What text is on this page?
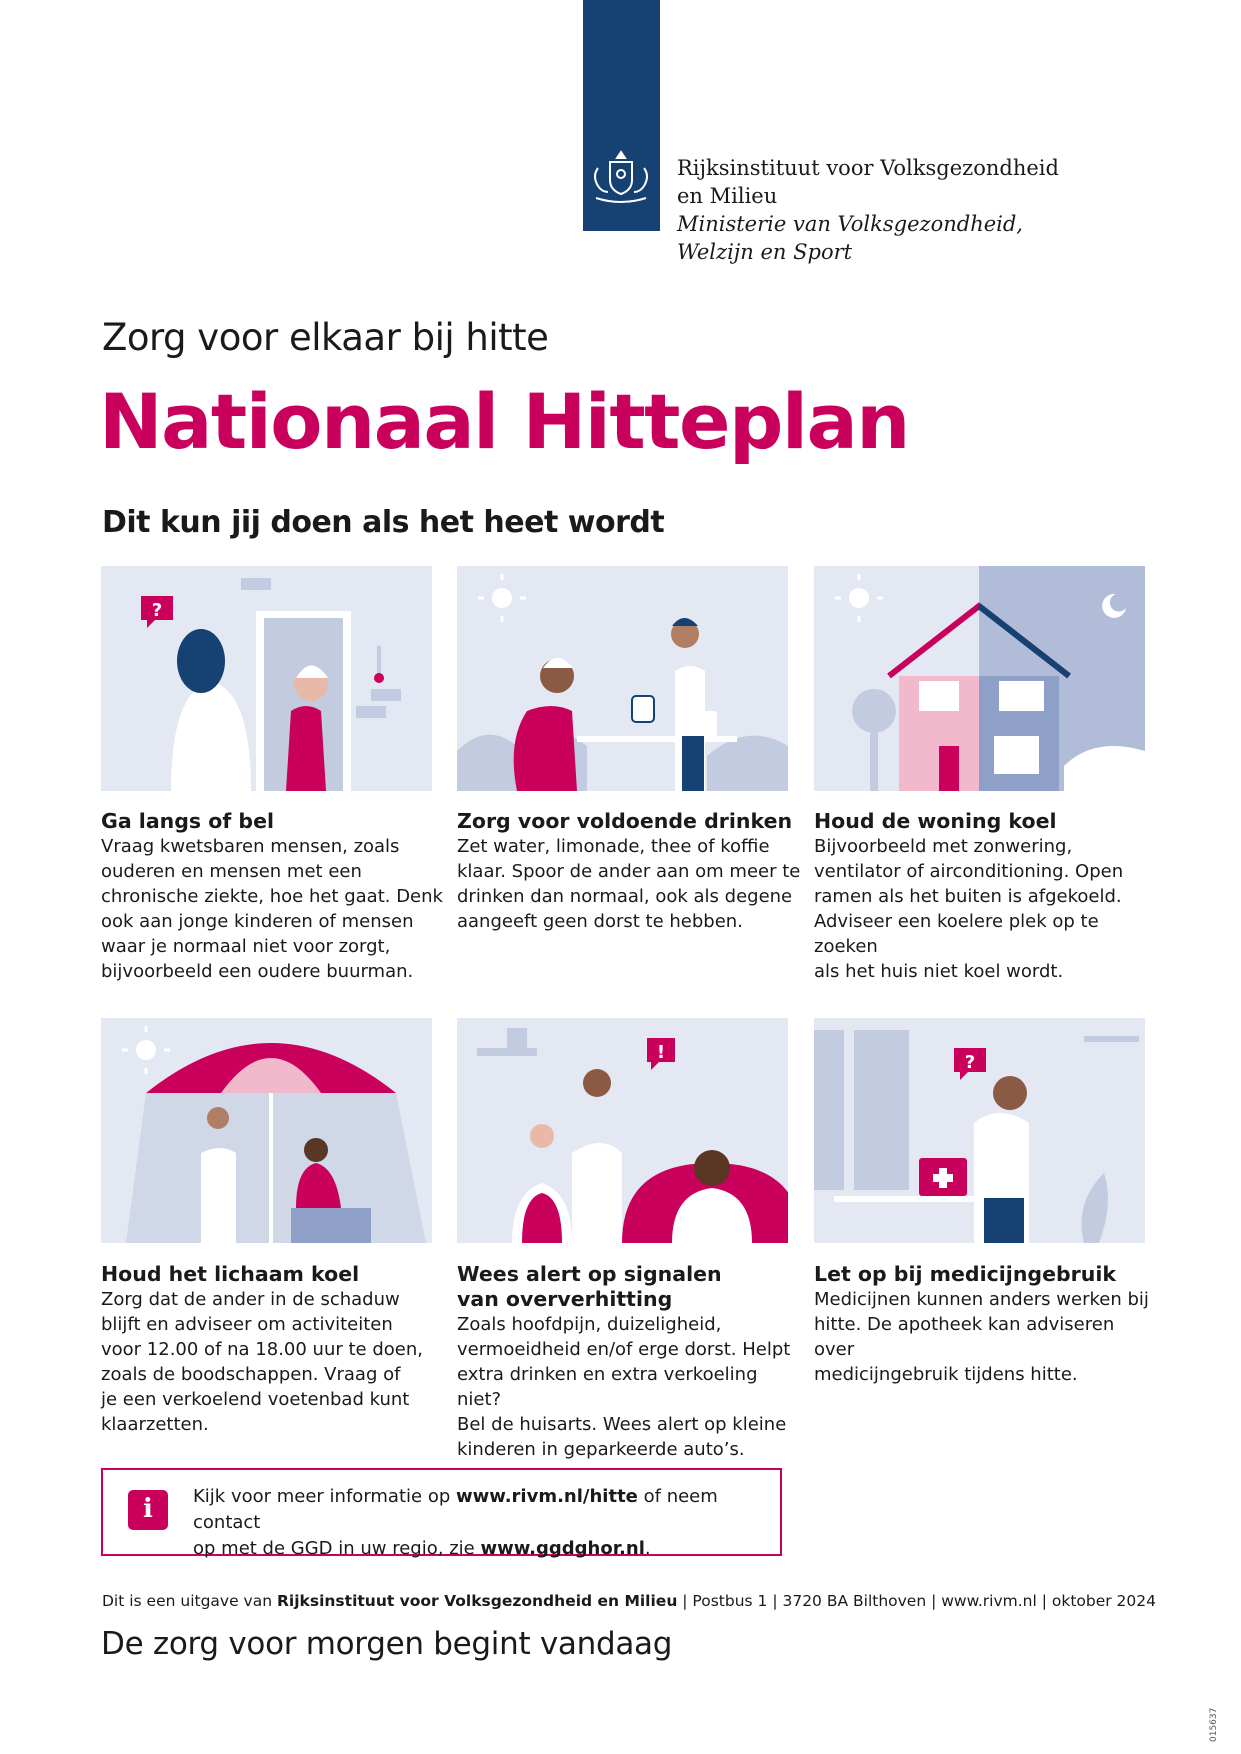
Rijksinstituut voor Volksgezondheid
en Milieu
Ministerie van Volksgezondheid,
Welzijn en Sport
Zorg voor elkaar bij hitte
Nationaal Hitteplan
Dit kun jij doen als het heet wordt
?
Ga langs of bel
Vraag kwetsbaren mensen, zoals
ouderen en mensen met een
chronische ziekte, hoe het gaat. Denk
ook aan jonge kinderen of mensen
waar je normaal niet voor zorgt,
bijvoorbeeld een oudere buurman.
Zorg voor voldoende drinken
Zet water, limonade, thee of koffie
klaar. Spoor de ander aan om meer te
drinken dan normaal, ook als degene
aangeeft geen dorst te hebben.
Houd de woning koel
Bijvoorbeeld met zonwering,
ventilator of airconditioning. Open
ramen als het buiten is afgekoeld.
Adviseer een koelere plek op te zoeken
als het huis niet koel wordt.
Houd het lichaam koel
Zorg dat de ander in de schaduw
blijft en adviseer om activiteiten
voor 12.00 of na 18.00 uur te doen,
zoals de boodschappen. Vraag of
je een verkoelend voetenbad kunt
klaarzetten.
!
Wees alert op signalen
van oververhitting
Zoals hoofdpijn, duizeligheid,
vermoeidheid en/of erge dorst. Helpt
extra drinken en extra verkoeling niet?
Bel de huisarts. Wees alert op kleine
kinderen in geparkeerde auto’s.
?
Let op bij medicijngebruik
Medicijnen kunnen anders werken bij
hitte. De apotheek kan adviseren over
medicijngebruik tijdens hitte.
i	Kijk voor meer informatie op www.rivm.nl/hitte of neem contact
op met de GGD in uw regio, zie www.ggdghor.nl.
Dit is een uitgave van Rijksinstituut voor Volksgezondheid en Milieu | Postbus 1 | 3720 BA Bilthoven | www.rivm.nl | oktober 2024
De zorg voor morgen begint vandaag
015637
